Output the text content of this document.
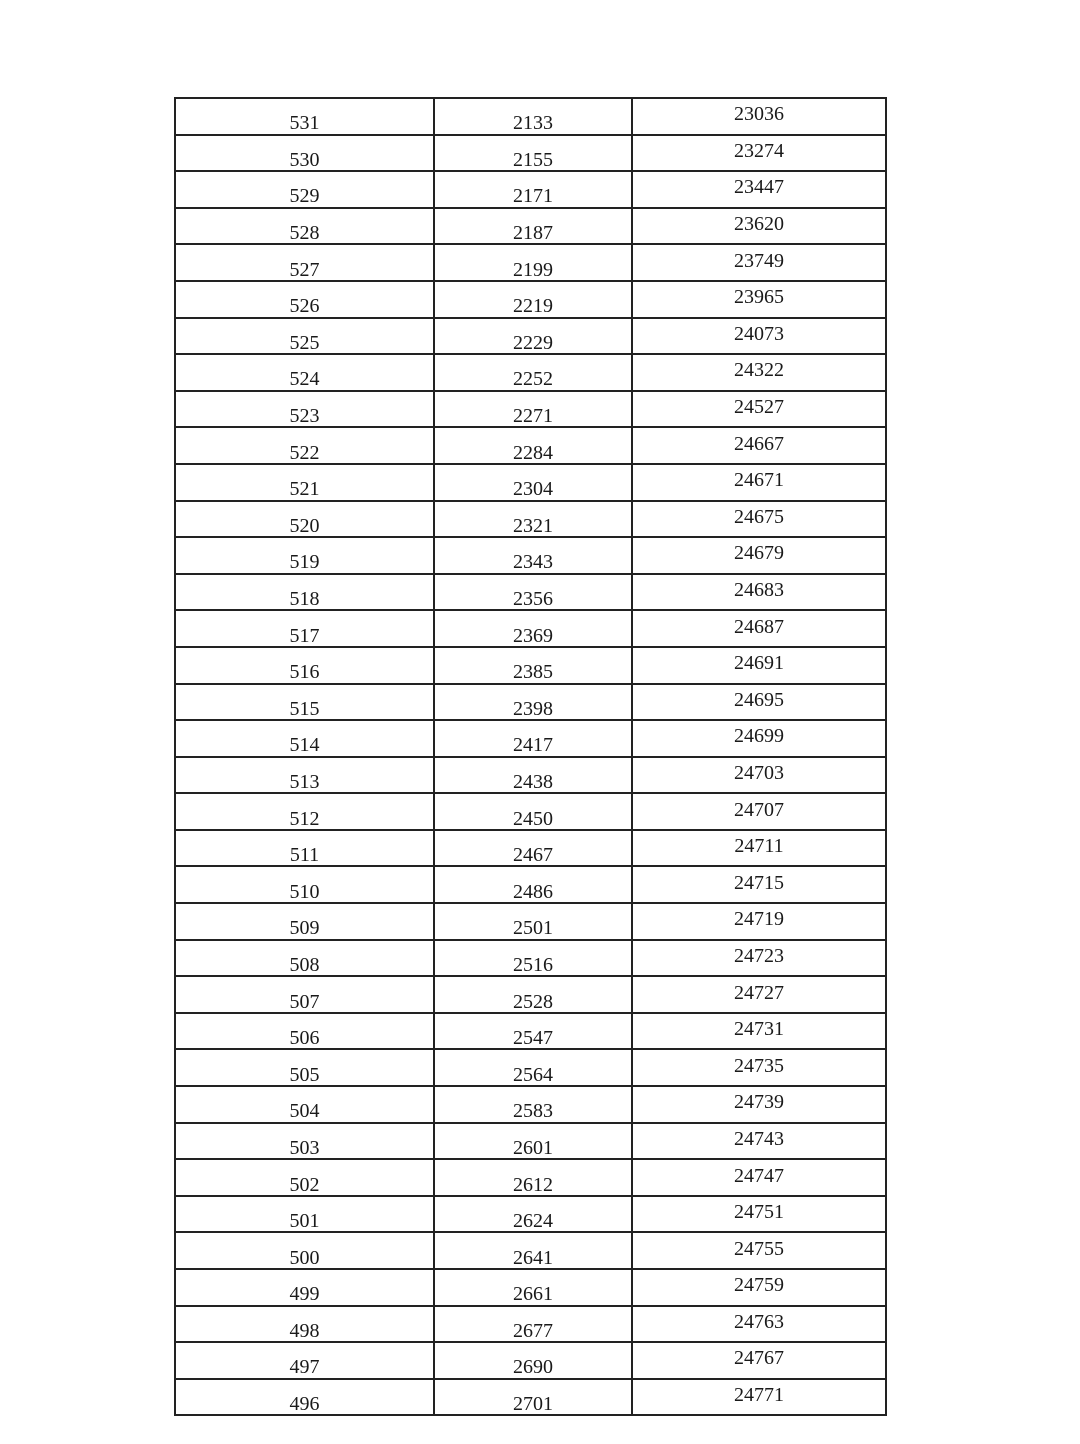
531	2133	23036
530	2155	23274
529	2171	23447
528	2187	23620
527	2199	23749
526	2219	23965
525	2229	24073
524	2252	24322
523	2271	24527
522	2284	24667
521	2304	24671
520	2321	24675
519	2343	24679
518	2356	24683
517	2369	24687
516	2385	24691
515	2398	24695
514	2417	24699
513	2438	24703
512	2450	24707
511	2467	24711
510	2486	24715
509	2501	24719
508	2516	24723
507	2528	24727
506	2547	24731
505	2564	24735
504	2583	24739
503	2601	24743
502	2612	24747
501	2624	24751
500	2641	24755
499	2661	24759
498	2677	24763
497	2690	24767
496	2701	24771
